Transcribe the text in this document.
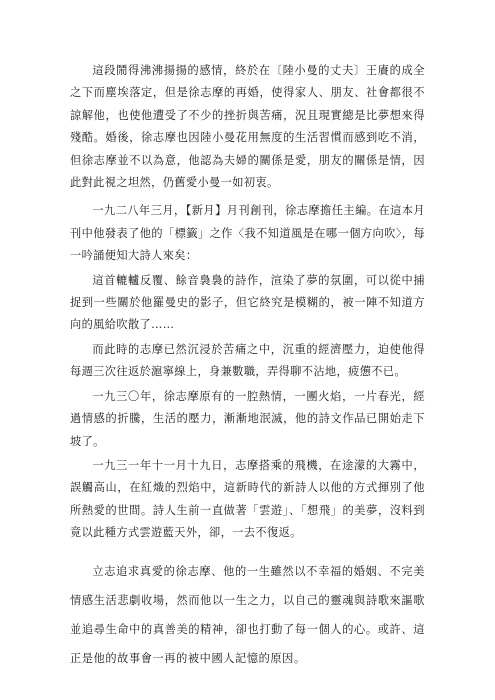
這段鬧得沸沸揚揚的感情，終於在〔陸小曼的丈夫〕王賡的成全之下而塵埃落定，但是徐志摩的再婚，使得家人、朋友、社會都很不諒解他，也使他遭受了不少的挫折與苦痛，況且現實總是比夢想來得殘酷。婚後，徐志摩也因陸小曼花用無度的生活習慣而感到吃不消，但徐志摩並不以為意，他認為夫婦的關係是愛，朋友的關係是情，因此對此視之坦然，仍舊愛小曼一如初衷。

一九二八年三月，【新月】月刊創刊，徐志摩擔任主編。在這本月刊中他發表了他的「標籤」之作〈我不知道風是在哪一個方向吹〉，每一吟誦便知大詩人來矣：

這首轆轤反覆、餘音裊裊的詩作，渲染了夢的氛圍，可以從中捕捉到一些關於他羅曼史的影子，但它終究是模糊的，被一陣不知道方向的風給吹散了……

而此時的志摩已然沉浸於苦痛之中，沉重的經濟壓力，迫使他得每週三次往返於滬寧線上，身兼數職，弄得聊不沾地，疲憊不已。

一九三〇年，徐志摩原有的一腔熱情，一團火焰，一片春光，經過情感的折騰，生活的壓力，漸漸地泯滅，他的詩文作品已開始走下坡了。

一九三一年十一月十九日，志摩搭乘的飛機，在途濛的大霧中，誤觸高山，在紅熾的烈焰中，這新時代的新詩人以他的方式揮別了他所熱愛的世間。詩人生前一直做著「雲遊」、「想飛」的美夢，沒料到竟以此種方式雲遊藍天外，卻，一去不復返。

立志追求真愛的徐志摩、他的一生雖然以不幸福的婚姻、不完美情感生活悲劇收場，然而他以一生之力，以自己的靈魂與詩歌來謳歌並追尋生命中的真善美的精神，卻也打動了每一個人的心。或許、這正是他的故事會一再的被中國人記憶的原因。
